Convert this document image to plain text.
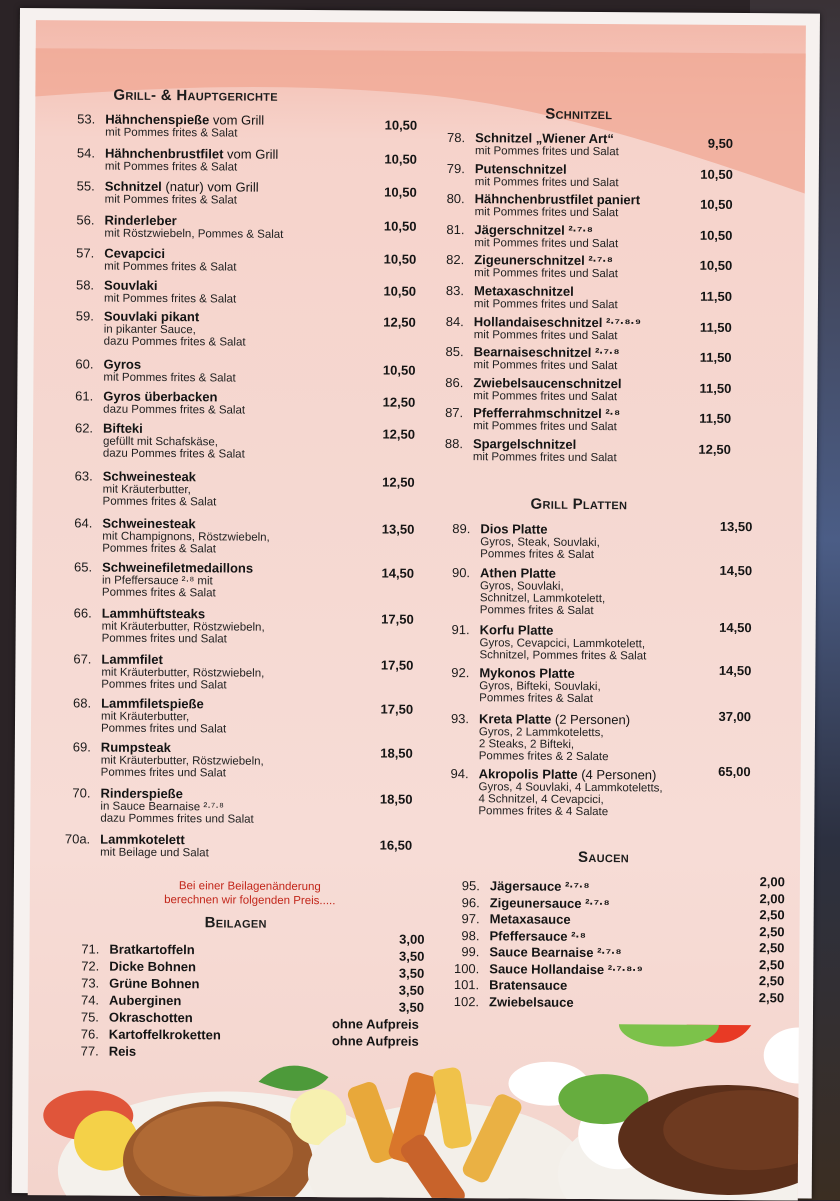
Grill- & Hauptgerichte
53. Hähnchenspieße vom Grill
mit Pommes frites & Salat
10,50
54. Hähnchenbrustfilet vom Grill
mit Pommes frites & Salat
10,50
55. Schnitzel (natur) vom Grill
mit Pommes frites & Salat
10,50
56. Rinderleber
mit Röstzwiebeln, Pommes & Salat
10,50
57. Cevapcici
mit Pommes frites & Salat
10,50
58. Souvlaki
mit Pommes frites & Salat
10,50
59. Souvlaki pikant
in pikanter Sauce,
dazu Pommes frites & Salat
12,50
60. Gyros
mit Pommes frites & Salat
10,50
61. Gyros überbacken
dazu Pommes frites & Salat
12,50
62. Bifteki
gefüllt mit Schafskäse,
dazu Pommes frites & Salat
12,50
63. Schweinesteak
mit Kräuterbutter,
Pommes frites & Salat
12,50
64. Schweinesteak
mit Champignons, Röstzwiebeln,
Pommes frites & Salat
13,50
65. Schweinefiletmedaillons
in Pfeffersauce ²·⁸ mit
Pommes frites & Salat
14,50
66. Lammhüftsteaks
mit Kräuterbutter, Röstzwiebeln,
Pommes frites und Salat
17,50
67. Lammfilet
mit Kräuterbutter, Röstzwiebeln,
Pommes frites und Salat
17,50
68. Lammfiletspieße
mit Kräuterbutter,
Pommes frites und Salat
17,50
69. Rumpsteak
mit Kräuterbutter, Röstzwiebeln,
Pommes frites und Salat
18,50
70. Rinderspieße
in Sauce Bearnaise ²·⁷·⁸
dazu Pommes frites und Salat
18,50
70a. Lammkotelett
mit Beilage und Salat
16,50
Bei einer Beilagenänderung
berechnen wir folgenden Preis.....
Beilagen
71. Bratkartoffeln
3,00
72. Dicke Bohnen
3,50
73. Grüne Bohnen
3,50
74. Auberginen
3,50
75. Okraschotten
3,50
76. Kartoffelkroketten
ohne Aufpreis
77. Reis
ohne Aufpreis
Schnitzel
78. Schnitzel „Wiener Art“
mit Pommes frites und Salat
9,50
79. Putenschnitzel
mit Pommes frites und Salat
10,50
80. Hähnchenbrustfilet paniert
mit Pommes frites und Salat
10,50
81. Jägerschnitzel ²·⁷·⁸
mit Pommes frites und Salat
10,50
82. Zigeunerschnitzel ²·⁷·⁸
mit Pommes frites und Salat
10,50
83. Metaxaschnitzel
mit Pommes frites und Salat
11,50
84. Hollandaiseschnitzel ²·⁷·⁸·⁹
mit Pommes frites und Salat
11,50
85. Bearnaiseschnitzel ²·⁷·⁸
mit Pommes frites und Salat
11,50
86. Zwiebelsaucenschnitzel
mit Pommes frites und Salat
11,50
87. Pfefferrahmschnitzel ²·⁸
mit Pommes frites und Salat
11,50
88. Spargelschnitzel
mit Pommes frites und Salat
12,50
Grill Platten
89. Dios Platte
Gyros, Steak, Souvlaki,
Pommes frites & Salat
13,50
90. Athen Platte
Gyros, Souvlaki,
Schnitzel, Lammkotelett,
Pommes frites & Salat
14,50
91. Korfu Platte
Gyros, Cevapcici, Lammkotelett,
Schnitzel, Pommes frites & Salat
14,50
92. Mykonos Platte
Gyros, Bifteki, Souvlaki,
Pommes frites & Salat
14,50
93. Kreta Platte (2 Personen)
Gyros, 2 Lammkoteletts,
2 Steaks, 2 Bifteki,
Pommes frites & 2 Salate
37,00
94. Akropolis Platte (4 Personen)
Gyros, 4 Souvlaki, 4 Lammkoteletts,
4 Schnitzel, 4 Cevapcici,
Pommes frites & 4 Salate
65,00
Saucen
95. Jägersauce ²·⁷·⁸	2,00
96. Zigeunersauce ²·⁷·⁸	2,00
97. Metaxasauce	2,50
98. Pfeffersauce ²·⁸	2,50
99. Sauce Bearnaise ²·⁷·⁸	2,50
100. Sauce Hollandaise ²·⁷·⁸·⁹	2,50
101. Bratensauce	2,50
102. Zwiebelsauce	2,50
